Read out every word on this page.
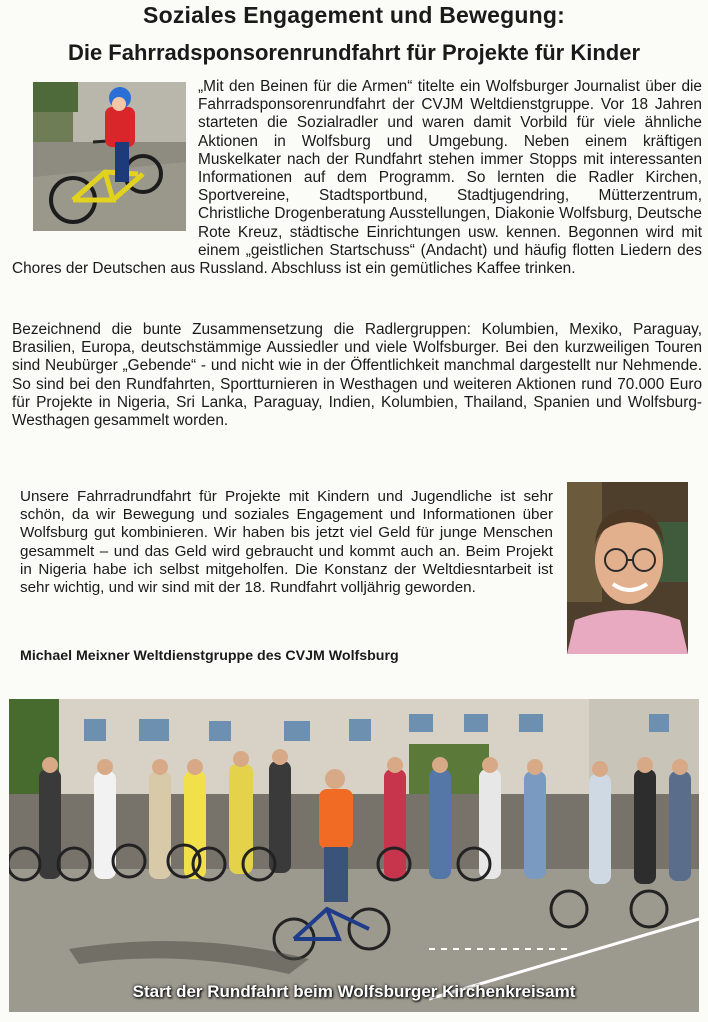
Soziales Engagement und Bewegung:
Die Fahrradsponsorenrundfahrt für Projekte für Kinder
„Mit den Beinen für die Armen“ titelte ein Wolfsburger Journalist über die Fahrradsponsorenrundfahrt der CVJM Weltdienstgruppe. Vor 18 Jahren starteten die Sozialradler und waren damit Vorbild für viele ähnliche Aktionen in Wolfsburg und Umgebung. Neben einem kräftigen Muskelkater nach der Rundfahrt stehen immer Stopps mit interessanten Informationen auf dem Programm. So lernten die Radler Kirchen, Sportvereine, Stadtsportbund, Stadtjugendring, Mütterzentrum, Christliche Drogenberatung Ausstellungen, Diakonie Wolfsburg, Deutsche Rote Kreuz, städtische Einrichtungen usw. kennen. Begonnen wird mit einem „geistlichen Startschuss“ (Andacht) und häufig flotten Liedern des Chores der Deutschen aus Russland. Abschluss ist ein gemütliches Kaffee trinken.
Bezeichnend die bunte Zusammensetzung die Radlergruppen: Kolumbien, Mexiko, Paraguay, Brasilien, Europa, deutschstämmige Aussiedler und viele Wolfsburger. Bei den kurzweiligen Touren sind Neubürger „Gebende“ - und nicht wie in der Öffentlichkeit manchmal dargestellt nur Nehmende. So sind bei den Rundfahrten, Sportturnieren in Westhagen und weiteren Aktionen rund 70.000 Euro für Projekte in Nigeria, Sri Lanka, Paraguay, Indien, Kolumbien, Thailand, Spanien und Wolfsburg-Westhagen gesammelt worden.
Unsere Fahrradrundfahrt für Projekte mit Kindern und Jugendliche ist sehr schön, da wir Bewegung und soziales Engagement und Informationen über Wolfsburg gut kombinieren. Wir haben bis jetzt viel Geld für junge Menschen gesammelt – und das Geld wird gebraucht und kommt auch an. Beim Projekt in Nigeria habe ich selbst mitgeholfen. Die Konstanz der Weltdiesntarbeit ist sehr wichtig, und wir sind mit der 18. Rundfahrt volljährig geworden.
Michael Meixner Weltdienstgruppe des CVJM Wolfsburg
Start der Rundfahrt beim Wolfsburger Kirchenkreisamt
